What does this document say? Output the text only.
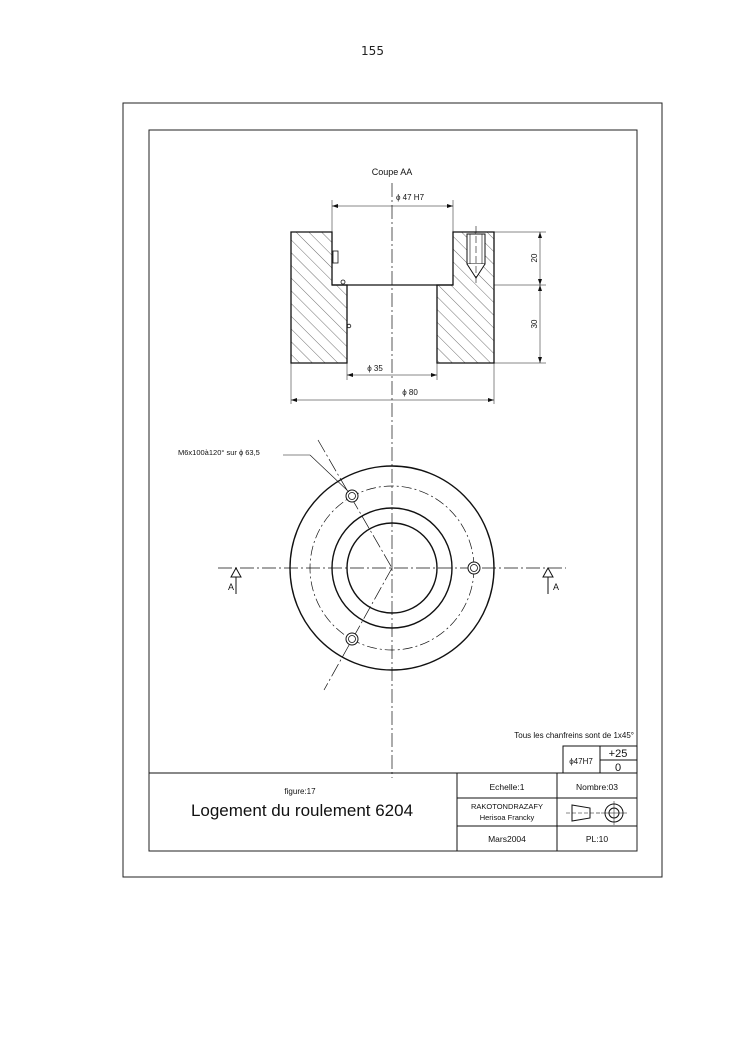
155
Coupe AA
ϕ 47 H7
20
30
ϕ 35
ϕ 80
M6x100à120° sur ϕ 63,5
A	A
Tous les chanfreins sont de 1x45°
ϕ47H7
+25
0
figure:17
Logement du roulement 6204
Echelle:1	Nombre:03
RAKOTONDRAZAFY
Herisoa Francky
Mars2004	PL:10
